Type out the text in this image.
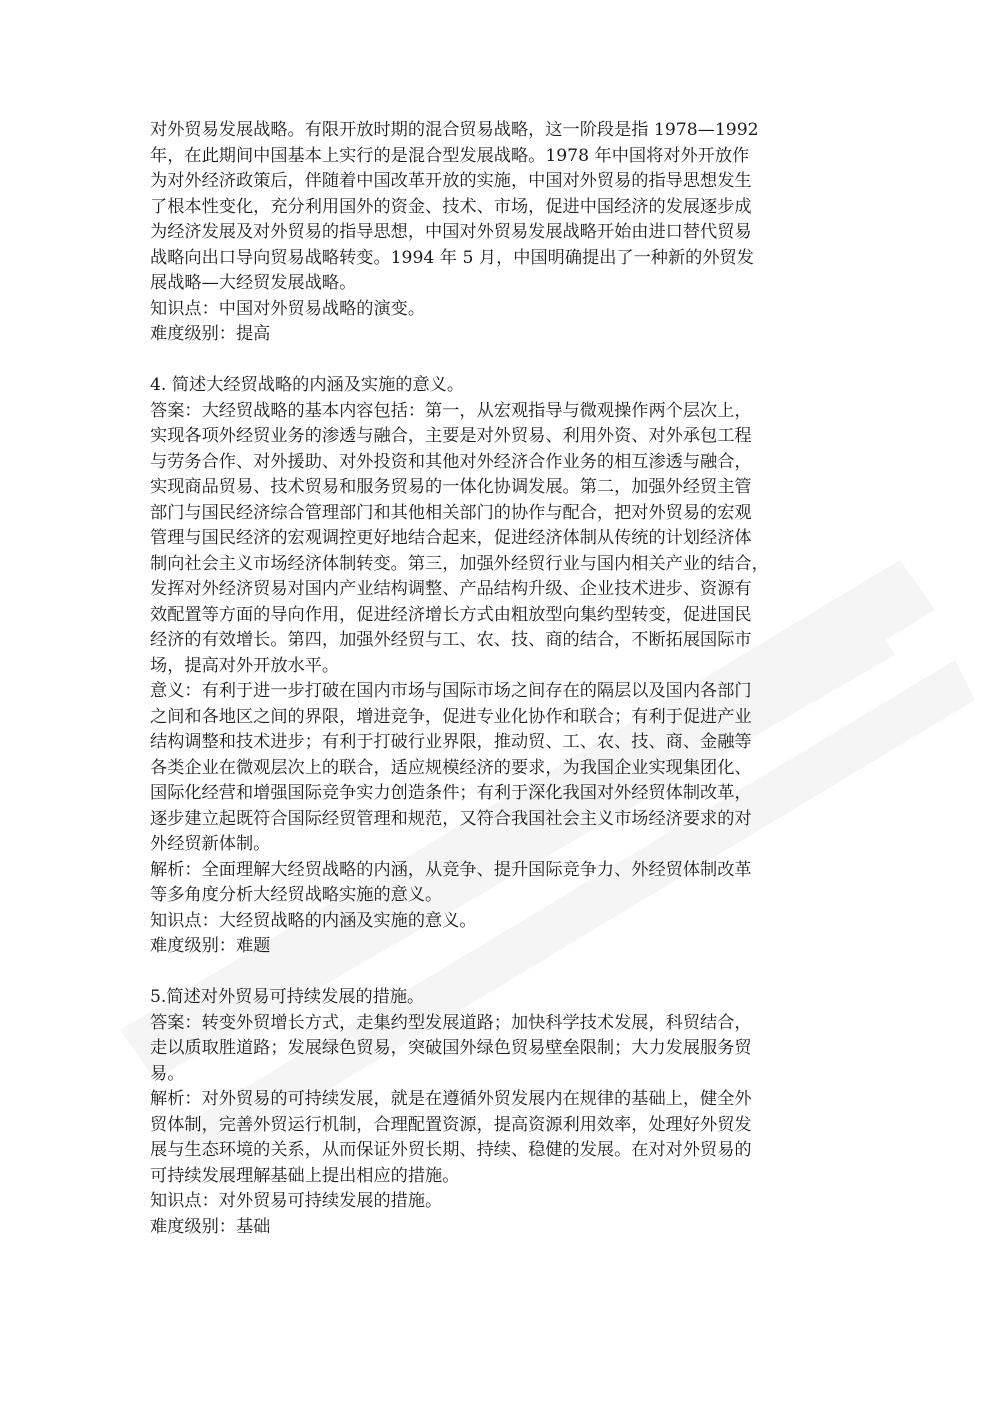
对外贸易发展战略。有限开放时期的混合贸易战略，这一阶段是指 1978—1992
年，在此期间中国基本上实行的是混合型发展战略。1978 年中国将对外开放作
为对外经济政策后，伴随着中国改革开放的实施，中国对外贸易的指导思想发生
了根本性变化，充分利用国外的资金、技术、市场，促进中国经济的发展逐步成
为经济发展及对外贸易的指导思想，中国对外贸易发展战略开始由进口替代贸易
战略向出口导向贸易战略转变。1994 年 5 月，中国明确提出了一种新的外贸发
展战略—大经贸发展战略。
知识点：中国对外贸易战略的演变。
难度级别：提高
4. 简述大经贸战略的内涵及实施的意义。
答案：大经贸战略的基本内容包括：第一，从宏观指导与微观操作两个层次上，
实现各项外经贸业务的渗透与融合，主要是对外贸易、利用外资、对外承包工程
与劳务合作、对外援助、对外投资和其他对外经济合作业务的相互渗透与融合，
实现商品贸易、技术贸易和服务贸易的一体化协调发展。第二，加强外经贸主管
部门与国民经济综合管理部门和其他相关部门的协作与配合，把对外贸易的宏观
管理与国民经济的宏观调控更好地结合起来，促进经济体制从传统的计划经济体
制向社会主义市场经济体制转变。第三，加强外经贸行业与国内相关产业的结合，
发挥对外经济贸易对国内产业结构调整、产品结构升级、企业技术进步、资源有
效配置等方面的导向作用，促进经济增长方式由粗放型向集约型转变，促进国民
经济的有效增长。第四，加强外经贸与工、农、技、商的结合，不断拓展国际市
场，提高对外开放水平。
意义：有利于进一步打破在国内市场与国际市场之间存在的隔层以及国内各部门
之间和各地区之间的界限，增进竞争，促进专业化协作和联合；有利于促进产业
结构调整和技术进步；有利于打破行业界限，推动贸、工、农、技、商、金融等
各类企业在微观层次上的联合，适应规模经济的要求，为我国企业实现集团化、
国际化经营和增强国际竞争实力创造条件；有利于深化我国对外经贸体制改革，
逐步建立起既符合国际经贸管理和规范，又符合我国社会主义市场经济要求的对
外经贸新体制。
解析：全面理解大经贸战略的内涵，从竞争、提升国际竞争力、外经贸体制改革
等多角度分析大经贸战略实施的意义。
知识点：大经贸战略的内涵及实施的意义。
难度级别：难题
5.简述对外贸易可持续发展的措施。
答案：转变外贸增长方式，走集约型发展道路；加快科学技术发展，科贸结合，
走以质取胜道路；发展绿色贸易，突破国外绿色贸易壁垒限制；大力发展服务贸
易。
解析：对外贸易的可持续发展，就是在遵循外贸发展内在规律的基础上，健全外
贸体制，完善外贸运行机制，合理配置资源，提高资源利用效率，处理好外贸发
展与生态环境的关系，从而保证外贸长期、持续、稳健的发展。在对对外贸易的
可持续发展理解基础上提出相应的措施。
知识点：对外贸易可持续发展的措施。
难度级别：基础
